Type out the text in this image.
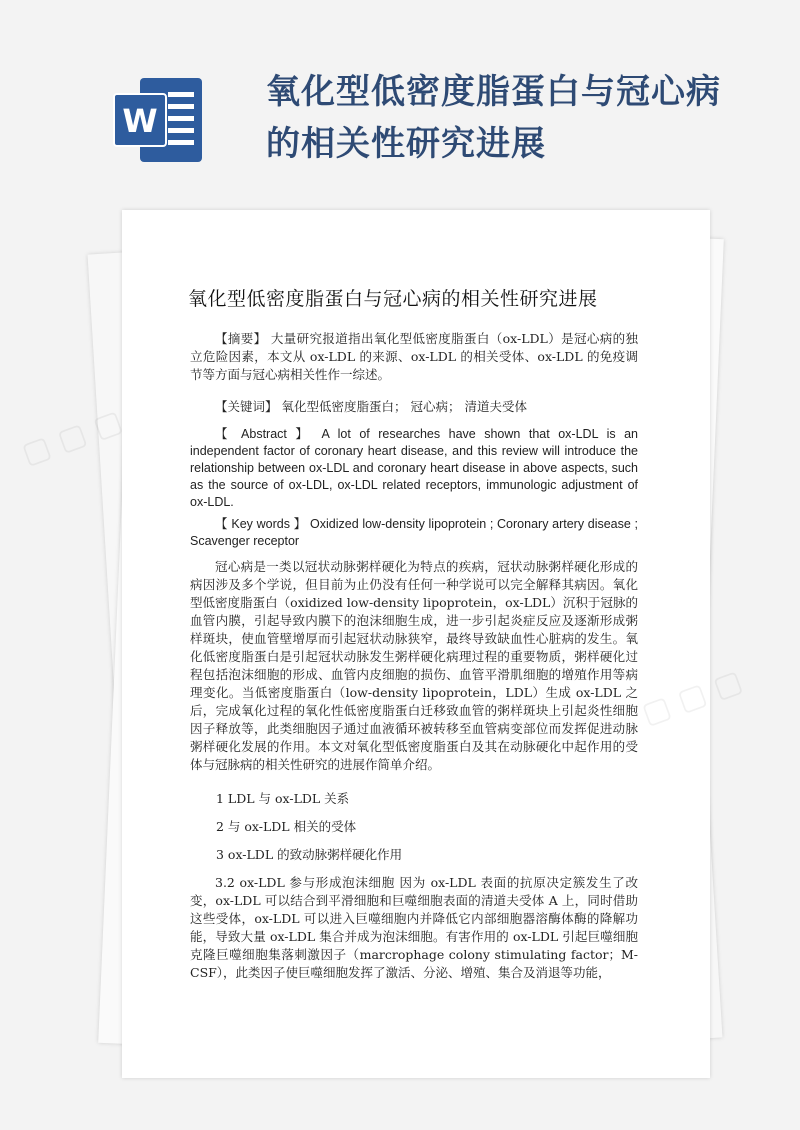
W
氧化型低密度脂蛋白与冠心病的相关性研究进展
氧化型低密度脂蛋白与冠心病的相关性研究进展
【摘要】 大量研究报道指出氧化型低密度脂蛋白（ox-LDL）是冠心病的独立危险因素，本文从 ox-LDL 的来源、ox-LDL 的相关受体、ox-LDL 的免疫调节等方面与冠心病相关性作一综述。
【关键词】 氧化型低密度脂蛋白； 冠心病； 清道夫受体
【 Abstract 】 A lot of researches have shown that ox-LDL is an independent factor of coronary heart disease, and this review will introduce the relationship between ox-LDL and coronary heart disease in above aspects, such as the source of ox-LDL, ox-LDL related receptors, immunologic adjustment of ox-LDL.
【 Key words 】 Oxidized low-density lipoprotein ; Coronary artery disease ; Scavenger receptor
冠心病是一类以冠状动脉粥样硬化为特点的疾病，冠状动脉粥样硬化形成的病因涉及多个学说，但目前为止仍没有任何一种学说可以完全解释其病因。氧化型低密度脂蛋白（oxidized low-density lipoprotein，ox-LDL）沉积于冠脉的血管内膜，引起导致内膜下的泡沫细胞生成，进一步引起炎症反应及逐渐形成粥样斑块，使血管壁增厚而引起冠状动脉狭窄，最终导致缺血性心脏病的发生。氧化低密度脂蛋白是引起冠状动脉发生粥样硬化病理过程的重要物质，粥样硬化过程包括泡沫细胞的形成、血管内皮细胞的损伤、血管平滑肌细胞的增殖作用等病理变化。当低密度脂蛋白（low-density lipoprotein，LDL）生成 ox-LDL 之后，完成氧化过程的氧化性低密度脂蛋白迁移致血管的粥样斑块上引起炎性细胞因子释放等，此类细胞因子通过血液循环被转移至血管病变部位而发挥促进动脉粥样硬化发展的作用。本文对氧化型低密度脂蛋白及其在动脉硬化中起作用的受体与冠脉病的相关性研究的进展作简单介绍。
1 LDL 与 ox-LDL 关系
2 与 ox-LDL 相关的受体
3 ox-LDL 的致动脉粥样硬化作用
3.2 ox-LDL 参与形成泡沫细胞 因为 ox-LDL 表面的抗原决定簇发生了改变，ox-LDL 可以结合到平滑细胞和巨噬细胞表面的清道夫受体 A 上，同时借助这些受体，ox-LDL 可以进入巨噬细胞内并降低它内部细胞器溶酶体酶的降解功能，导致大量 ox-LDL 集合并成为泡沫细胞。有害作用的 ox-LDL 引起巨噬细胞克隆巨噬细胞集落刺激因子（marcrophage colony stimulating factor；M-CSF），此类因子使巨噬细胞发挥了激活、分泌、增殖、集合及消退等功能，
▢ ▢ ▢
▢
